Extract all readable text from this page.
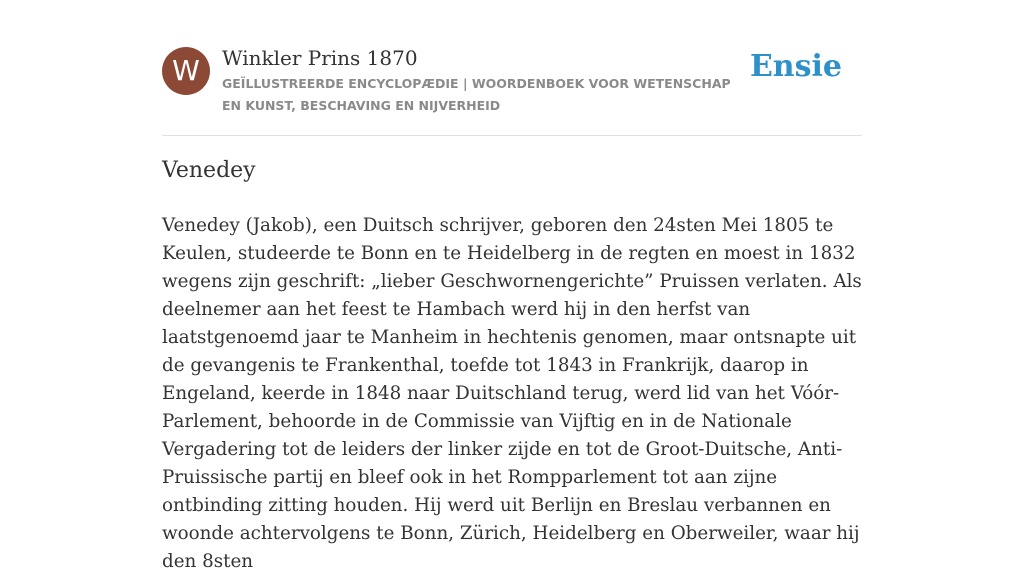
W	Winkler Prins 1870
GEÏLLUSTREERDE ENCYCLOPÆDIE | WOORDENBOEK VOOR WETENSCHAP EN KUNST, BESCHAVING EN NIJVERHEID
Ensie
Venedey

Venedey (Jakob), een Duitsch schrijver, geboren den 24sten Mei 1805 te Keulen, studeerde te Bonn en te Heidelberg in de regten en moest in 1832 wegens zijn geschrift: „lieber Geschwornengerichte” Pruissen verlaten. Als deelnemer aan het feest te Hambach werd hij in den herfst van laatstgenoemd jaar te Manheim in hechtenis genomen, maar ontsnapte uit de gevangenis te Frankenthal, toefde tot 1843 in Frankrijk, daarop in Engeland, keerde in 1848 naar Duitschland terug, werd lid van het Vóór-Parlement, behoorde in de Commissie van Vijftig en in de Nationale Vergadering tot de leiders der linker zijde en tot de Groot-Duitsche, Anti-Pruissische partij en bleef ook in het Rompparlement tot aan zijne ontbinding zitting houden. Hij werd uit Berlijn en Breslau verbannen en woonde achtervolgens te Bonn, Zürich, Heidelberg en Oberweiler, waar hij den 8sten
